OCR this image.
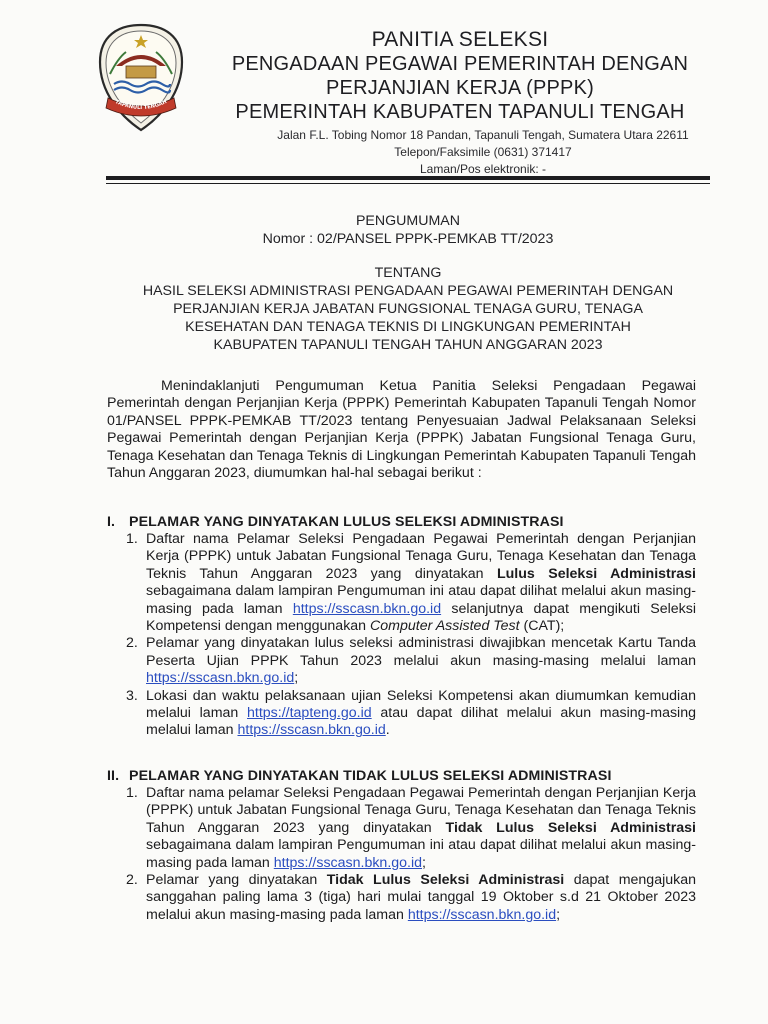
TAPANULI TENGAH
PANITIA SELEKSI
PENGADAAN PEGAWAI PEMERINTAH DENGAN
PERJANJIAN KERJA (PPPK)
PEMERINTAH KABUPATEN TAPANULI TENGAH
Jalan F.L. Tobing Nomor 18 Pandan, Tapanuli Tengah, Sumatera Utara 22611
Telepon/Faksimile (0631) 371417
Laman/Pos elektronik: -
PENGUMUMAN
Nomor : 02/PANSEL PPPK-PEMKAB TT/2023
TENTANG
HASIL SELEKSI ADMINISTRASI PENGADAAN PEGAWAI PEMERINTAH DENGAN
PERJANJIAN KERJA JABATAN FUNGSIONAL TENAGA GURU, TENAGA
KESEHATAN DAN TENAGA TEKNIS DI LINGKUNGAN PEMERINTAH
KABUPATEN TAPANULI TENGAH TAHUN ANGGARAN 2023
Menindaklanjuti Pengumuman Ketua Panitia Seleksi Pengadaan Pegawai Pemerintah dengan Perjanjian Kerja (PPPK) Pemerintah Kabupaten Tapanuli Tengah Nomor 01/PANSEL PPPK-PEMKAB TT/2023 tentang Penyesuaian Jadwal Pelaksanaan Seleksi Pegawai Pemerintah dengan Perjanjian Kerja (PPPK) Jabatan Fungsional Tenaga Guru, Tenaga Kesehatan dan Tenaga Teknis di Lingkungan Pemerintah Kabupaten Tapanuli Tengah Tahun Anggaran 2023, diumumkan hal-hal sebagai berikut :
I. PELAMAR YANG DINYATAKAN LULUS SELEKSI ADMINISTRASI
1. Daftar nama Pelamar Seleksi Pengadaan Pegawai Pemerintah dengan Perjanjian Kerja (PPPK) untuk Jabatan Fungsional Tenaga Guru, Tenaga Kesehatan dan Tenaga Teknis Tahun Anggaran 2023 yang dinyatakan Lulus Seleksi Administrasi sebagaimana dalam lampiran Pengumuman ini atau dapat dilihat melalui akun masing-masing pada laman https://sscasn.bkn.go.id selanjutnya dapat mengikuti Seleksi Kompetensi dengan menggunakan Computer Assisted Test (CAT);
2. Pelamar yang dinyatakan lulus seleksi administrasi diwajibkan mencetak Kartu Tanda Peserta Ujian PPPK Tahun 2023 melalui akun masing-masing melalui laman https://sscasn.bkn.go.id;
3. Lokasi dan waktu pelaksanaan ujian Seleksi Kompetensi akan diumumkan kemudian melalui laman https://tapteng.go.id atau dapat dilihat melalui akun masing-masing melalui laman https://sscasn.bkn.go.id.
II. PELAMAR YANG DINYATAKAN TIDAK LULUS SELEKSI ADMINISTRASI
1. Daftar nama pelamar Seleksi Pengadaan Pegawai Pemerintah dengan Perjanjian Kerja (PPPK) untuk Jabatan Fungsional Tenaga Guru, Tenaga Kesehatan dan Tenaga Teknis Tahun Anggaran 2023 yang dinyatakan Tidak Lulus Seleksi Administrasi sebagaimana dalam lampiran Pengumuman ini atau dapat dilihat melalui akun masing-masing pada laman https://sscasn.bkn.go.id;
2. Pelamar yang dinyatakan Tidak Lulus Seleksi Administrasi dapat mengajukan sanggahan paling lama 3 (tiga) hari mulai tanggal 19 Oktober s.d 21 Oktober 2023 melalui akun masing-masing pada laman https://sscasn.bkn.go.id;
